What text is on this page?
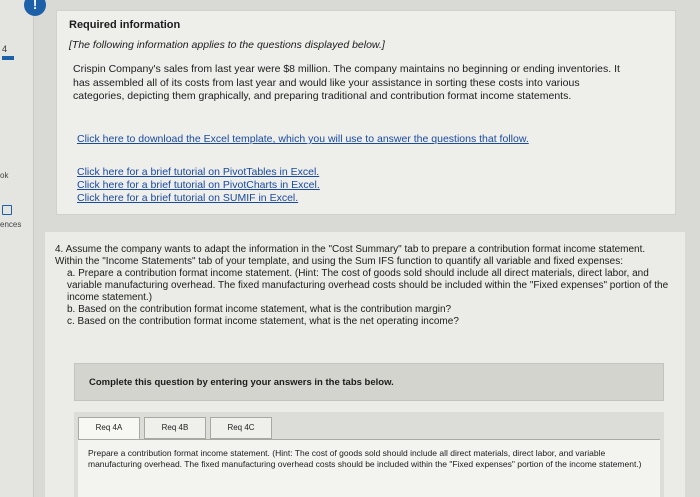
!
4
ok
ences
Required information
[The following information applies to the questions displayed below.]
Crispin Company's sales from last year were $8 million. The company maintains no beginning or ending inventories. It has assembled all of its costs from last year and would like your assistance in sorting these costs into various categories, depicting them graphically, and preparing traditional and contribution format income statements.
Click here to download the Excel template, which you will use to answer the questions that follow.
Click here for a brief tutorial on PivotTables in Excel.
Click here for a brief tutorial on PivotCharts in Excel.
Click here for a brief tutorial on SUMIF in Excel.
4. Assume the company wants to adapt the information in the "Cost Summary" tab to prepare a contribution format income statement. Within the "Income Statements" tab of your template, and using the Sum IFS function to quantify all variable and fixed expenses:
a. Prepare a contribution format income statement. (Hint: The cost of goods sold should include all direct materials, direct labor, and variable manufacturing overhead. The fixed manufacturing overhead costs should be included within the "Fixed expenses" portion of the income statement.)
b. Based on the contribution format income statement, what is the contribution margin?
c. Based on the contribution format income statement, what is the net operating income?
Complete this question by entering your answers in the tabs below.
Req 4A	Req 4B	Req 4C

Prepare a contribution format income statement. (Hint: The cost of goods sold should include all direct materials, direct labor, and variable manufacturing overhead. The fixed manufacturing overhead costs should be included within the "Fixed expenses" portion of the income statement.)
